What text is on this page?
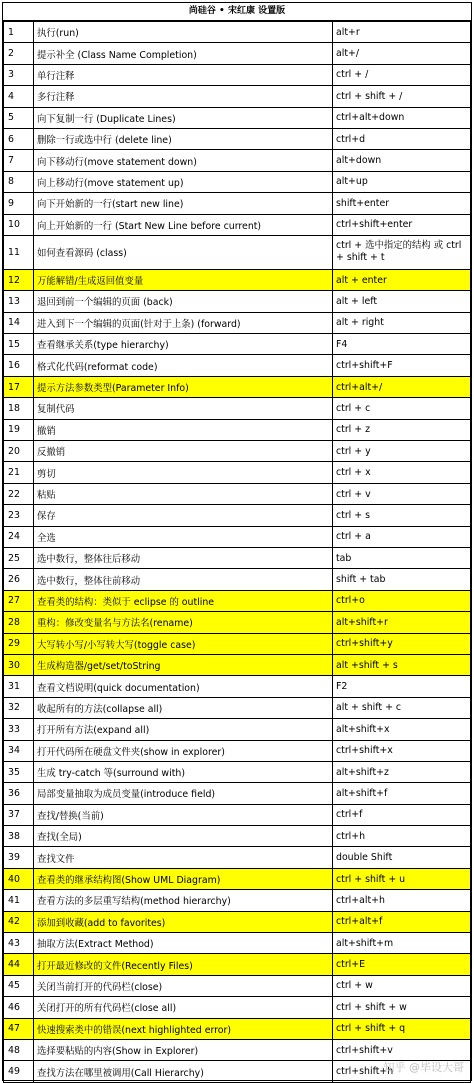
尚硅谷 • 宋红康 设置版
1	执行(run)	alt+r
2	提示补全 (Class Name Completion)	alt+/
3	单行注释	ctrl + /
4	多行注释	ctrl + shift + /
5	向下复制一行 (Duplicate Lines)	ctrl+alt+down
6	删除一行或选中行 (delete line)	ctrl+d
7	向下移动行(move statement down)	alt+down
8	向上移动行(move statement up)	alt+up
9	向下开始新的一行(start new line)	shift+enter
10	向上开始新的一行 (Start New Line before current)	ctrl+shift+enter
11	如何查看源码 (class)	ctrl + 选中指定的结构 或 ctrl + shift + t
12	万能解错/生成返回值变量	alt + enter
13	退回到前一个编辑的页面 (back)	alt + left
14	进入到下一个编辑的页面(针对于上条) (forward)	alt + right
15	查看继承关系(type hierarchy)	F4
16	格式化代码(reformat code)	ctrl+shift+F
17	提示方法参数类型(Parameter Info)	ctrl+alt+/
18	复制代码	ctrl + c
19	撤销	ctrl + z
20	反撤销	ctrl + y
21	剪切	ctrl + x
22	粘贴	ctrl + v
23	保存	ctrl + s
24	全选	ctrl + a
25	选中数行，整体往后移动	tab
26	选中数行，整体往前移动	shift + tab
27	查看类的结构：类似于 eclipse 的 outline	ctrl+o
28	重构：修改变量名与方法名(rename)	alt+shift+r
29	大写转小写/小写转大写(toggle case)	ctrl+shift+y
30	生成构造器/get/set/toString	alt +shift + s
31	查看文档说明(quick documentation)	F2
32	收起所有的方法(collapse all)	alt + shift + c
33	打开所有方法(expand all)	alt+shift+x
34	打开代码所在硬盘文件夹(show in explorer)	ctrl+shift+x
35	生成 try-catch 等(surround with)	alt+shift+z
36	局部变量抽取为成员变量(introduce field)	alt+shift+f
37	查找/替换(当前)	ctrl+f
38	查找(全局)	ctrl+h
39	查找文件	double Shift
40	查看类的继承结构图(Show UML Diagram)	ctrl + shift + u
41	查看方法的多层重写结构(method hierarchy)	ctrl+alt+h
42	添加到收藏(add to favorites)	ctrl+alt+f
43	抽取方法(Extract Method)	alt+shift+m
44	打开最近修改的文件(Recently Files)	ctrl+E
45	关闭当前打开的代码栏(close)	ctrl + w
46	关闭打开的所有代码栏(close all)	ctrl + shift + w
47	快速搜索类中的错误(next highlighted error)	ctrl + shift + q
48	选择要粘贴的内容(Show in Explorer)	ctrl+shift+v
49	查找方法在哪里被调用(Call Hierarchy)	ctrl+shift+h
知乎 @毕设大哥
